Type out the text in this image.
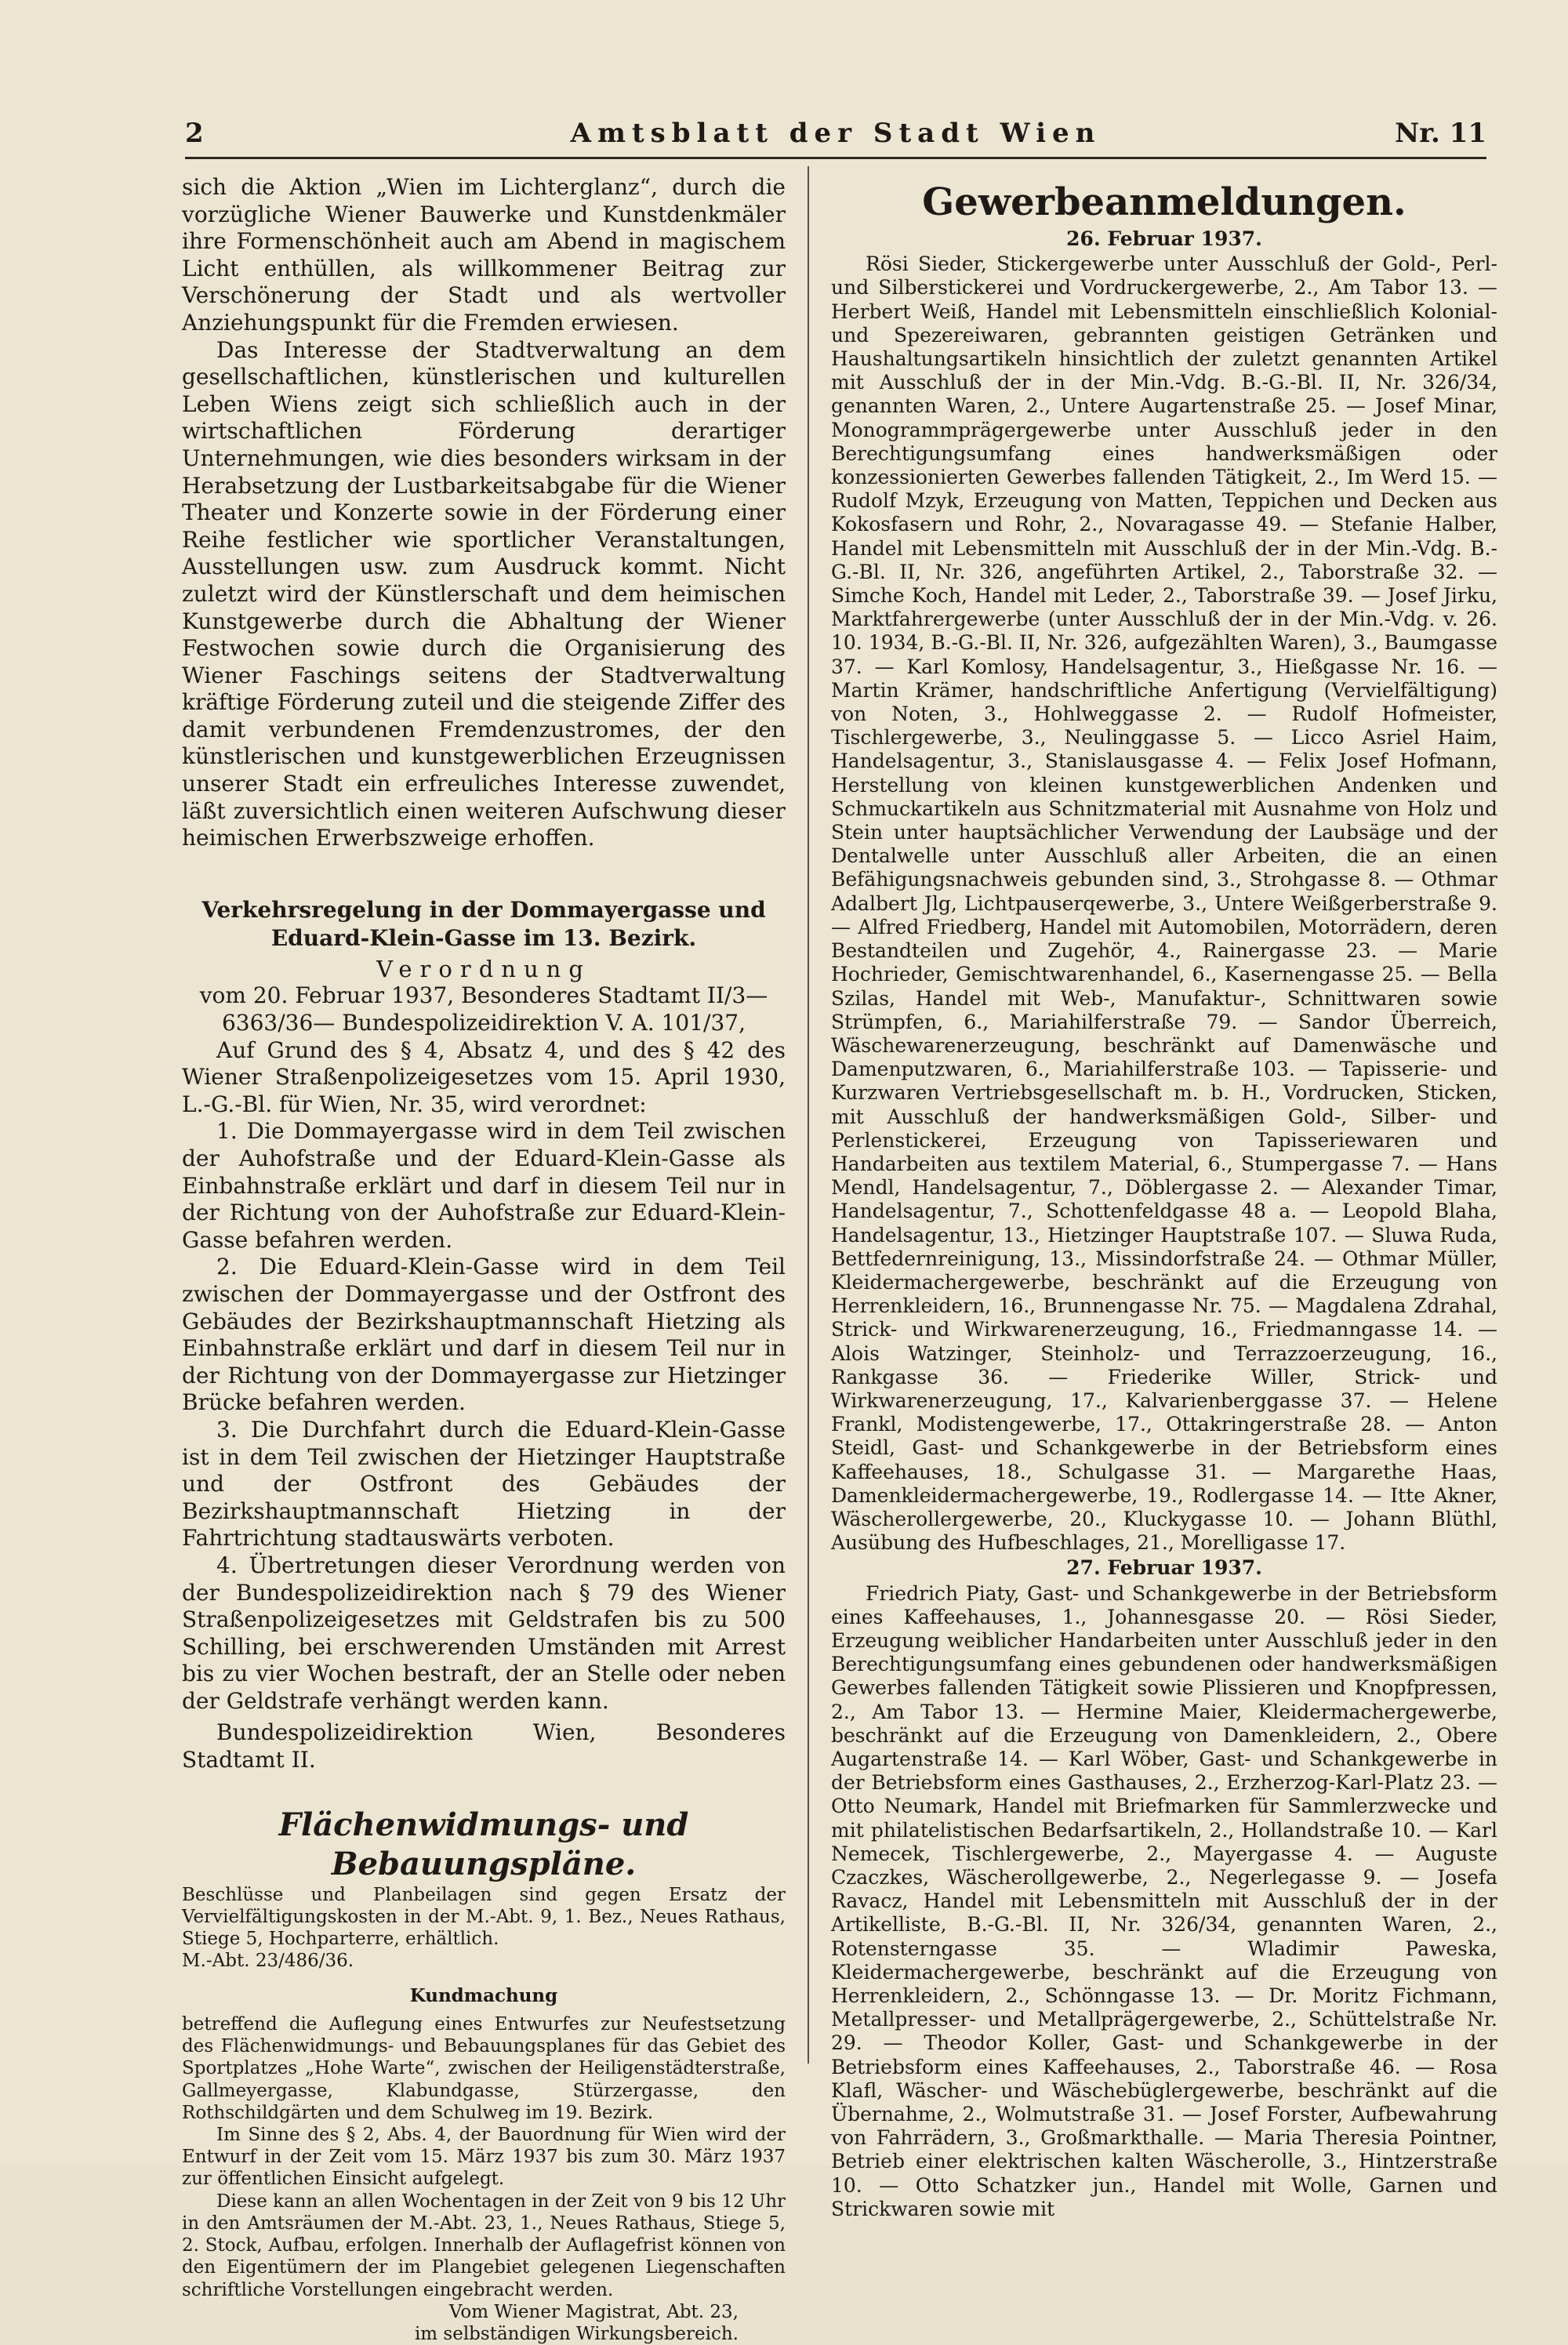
2	Amtsblatt der Stadt Wien	Nr. 11

sich die Aktion „Wien im Lichterglanz“, durch die vorzügliche Wiener Bauwerke und Kunstdenkmäler ihre Formenschönheit auch am Abend in magischem Licht enthüllen, als willkommener Beitrag zur Verschönerung der Stadt und als wertvoller Anziehungspunkt für die Fremden erwiesen.

Das Interesse der Stadtverwaltung an dem gesellschaftlichen, künstlerischen und kulturellen Leben Wiens zeigt sich schließlich auch in der wirtschaftlichen Förderung derartiger Unternehmungen, wie dies besonders wirksam in der Herabsetzung der Lustbarkeitsabgabe für die Wiener Theater und Konzerte sowie in der Förderung einer Reihe festlicher wie sportlicher Veranstaltungen, Ausstellungen usw. zum Ausdruck kommt. Nicht zuletzt wird der Künstlerschaft und dem heimischen Kunstgewerbe durch die Abhaltung der Wiener Festwochen sowie durch die Organisierung des Wiener Faschings seitens der Stadtverwaltung kräftige Förderung zuteil und die steigende Ziffer des damit verbundenen Fremdenzustromes, der den künstlerischen und kunstgewerblichen Erzeugnissen unserer Stadt ein erfreuliches Interesse zuwendet, läßt zuversichtlich einen weiteren Aufschwung dieser heimischen Erwerbszweige erhoffen.

Verkehrsregelung in der Dommayergasse und Eduard-Klein-Gasse im 13. Bezirk.

Verordnung

vom 20. Februar 1937, Besonderes Stadtamt II/3—6363/36— Bundespolizeidirektion V. A. 101/37,

Auf Grund des § 4, Absatz 4, und des § 42 des Wiener Straßenpolizeigesetzes vom 15. April 1930, L.-G.-Bl. für Wien, Nr. 35, wird verordnet:

1. Die Dommayergasse wird in dem Teil zwischen der Auhofstraße und der Eduard-Klein-Gasse als Einbahnstraße erklärt und darf in diesem Teil nur in der Richtung von der Auhofstraße zur Eduard-Klein-Gasse befahren werden.

2. Die Eduard-Klein-Gasse wird in dem Teil zwischen der Dommayergasse und der Ostfront des Gebäudes der Bezirkshauptmannschaft Hietzing als Einbahnstraße erklärt und darf in diesem Teil nur in der Richtung von der Dommayergasse zur Hietzinger Brücke befahren werden.

3. Die Durchfahrt durch die Eduard-Klein-Gasse ist in dem Teil zwischen der Hietzinger Hauptstraße und der Ostfront des Gebäudes der Bezirkshauptmannschaft Hietzing in der Fahrtrichtung stadtauswärts verboten.

4. Übertretungen dieser Verordnung werden von der Bundespolizeidirektion nach § 79 des Wiener Straßenpolizeigesetzes mit Geldstrafen bis zu 500 Schilling, bei erschwerenden Umständen mit Arrest bis zu vier Wochen bestraft, der an Stelle oder neben der Geldstrafe verhängt werden kann.

Bundespolizeidirektion Wien, Besonderes Stadtamt II.

Flächenwidmungs- und Bebauungspläne.

Beschlüsse und Planbeilagen sind gegen Ersatz der Vervielfältigungskosten in der M.-Abt. 9, 1. Bez., Neues Rathaus, Stiege 5, Hochparterre, erhältlich.

M.-Abt. 23/486/36.

Kundmachung

betreffend die Auflegung eines Entwurfes zur Neufestsetzung des Flächenwidmungs- und Bebauungsplanes für das Gebiet des Sportplatzes „Hohe Warte“, zwischen der Heiligenstädterstraße, Gallmeyergasse, Klabundgasse, Stürzergasse, den Rothschildgärten und dem Schulweg im 19. Bezirk.

Im Sinne des § 2, Abs. 4, der Bauordnung für Wien wird der Entwurf in der Zeit vom 15. März 1937 bis zum 30. März 1937 zur öffentlichen Einsicht aufgelegt.

Diese kann an allen Wochentagen in der Zeit von 9 bis 12 Uhr in den Amtsräumen der M.-Abt. 23, 1., Neues Rathaus, Stiege 5, 2. Stock, Aufbau, erfolgen. Innerhalb der Auflagefrist können von den Eigentümern der im Plangebiet gelegenen Liegenschaften schriftliche Vorstellungen eingebracht werden.

Vom Wiener Magistrat, Abt. 23,

im selbständigen Wirkungsbereich.

Gewerbeanmeldungen.

26. Februar 1937.

Rösi Sieder, Stickergewerbe unter Ausschluß der Gold-, Perl- und Silberstickerei und Vordruckergewerbe, 2., Am Tabor 13. — Herbert Weiß, Handel mit Lebensmitteln einschließlich Kolonial- und Spezereiwaren, gebrannten geistigen Getränken und Haushaltungsartikeln hinsichtlich der zuletzt genannten Artikel mit Ausschluß der in der Min.-Vdg. B.-G.-Bl. II, Nr. 326/34, genannten Waren, 2., Untere Augartenstraße 25. — Josef Minar, Monogrammprägergewerbe unter Ausschluß jeder in den Berechtigungsumfang eines handwerksmäßigen oder konzessionierten Gewerbes fallenden Tätigkeit, 2., Im Werd 15. — Rudolf Mzyk, Erzeugung von Matten, Teppichen und Decken aus Kokosfasern und Rohr, 2., Novaragasse 49. — Stefanie Halber, Handel mit Lebensmitteln mit Ausschluß der in der Min.-Vdg. B.-G.-Bl. II, Nr. 326, angeführten Artikel, 2., Taborstraße 32. — Simche Koch, Handel mit Leder, 2., Taborstraße 39. — Josef Jirku, Marktfahrergewerbe (unter Ausschluß der in der Min.-Vdg. v. 26. 10. 1934, B.-G.-Bl. II, Nr. 326, aufgezählten Waren), 3., Baumgasse 37. — Karl Komlosy, Handelsagentur, 3., Hießgasse Nr. 16. — Martin Krämer, handschriftliche Anfertigung (Vervielfältigung) von Noten, 3., Hohlweggasse 2. — Rudolf Hofmeister, Tischlergewerbe, 3., Neulinggasse 5. — Licco Asriel Haim, Handelsagentur, 3., Stanislausgasse 4. — Felix Josef Hofmann, Herstellung von kleinen kunstgewerblichen Andenken und Schmuckartikeln aus Schnitzmaterial mit Ausnahme von Holz und Stein unter hauptsächlicher Verwendung der Laubsäge und der Dentalwelle unter Ausschluß aller Arbeiten, die an einen Befähigungsnachweis gebunden sind, 3., Strohgasse 8. — Othmar Adalbert Jlg, Lichtpauserqewerbe, 3., Untere Weißgerberstraße 9. — Alfred Friedberg, Handel mit Automobilen, Motorrädern, deren Bestandteilen und Zugehör, 4., Rainergasse 23. — Marie Hochrieder, Gemischtwarenhandel, 6., Kasernengasse 25. — Bella Szilas, Handel mit Web-, Manufaktur-, Schnittwaren sowie Strümpfen, 6., Mariahilferstraße 79. — Sandor Überreich, Wäschewarenerzeugung, beschränkt auf Damenwäsche und Damenputzwaren, 6., Mariahilferstraße 103. — Tapisserie- und Kurzwaren Vertriebsgesellschaft m. b. H., Vordrucken, Sticken, mit Ausschluß der handwerksmäßigen Gold-, Silber- und Perlenstickerei, Erzeugung von Tapisseriewaren und Handarbeiten aus textilem Material, 6., Stumpergasse 7. — Hans Mendl, Handelsagentur, 7., Döblergasse 2. — Alexander Timar, Handelsagentur, 7., Schottenfeldgasse 48 a. — Leopold Blaha, Handelsagentur, 13., Hietzinger Hauptstraße 107. — Sluwa Ruda, Bettfedernreinigung, 13., Missindorfstraße 24. — Othmar Müller, Kleidermachergewerbe, beschränkt auf die Erzeugung von Herrenkleidern, 16., Brunnengasse Nr. 75. — Magdalena Zdrahal, Strick- und Wirkwarenerzeugung, 16., Friedmanngasse 14. — Alois Watzinger, Steinholz- und Terrazzoerzeugung, 16., Rankgasse 36. — Friederike Willer, Strick- und Wirkwarenerzeugung, 17., Kalvarienberggasse 37. — Helene Frankl, Modistengewerbe, 17., Ottakringerstraße 28. — Anton Steidl, Gast- und Schankgewerbe in der Betriebsform eines Kaffeehauses, 18., Schulgasse 31. — Margarethe Haas, Damenkleidermachergewerbe, 19., Rodlergasse 14. — Itte Akner, Wäscherollergewerbe, 20., Kluckygasse 10. — Johann Blüthl, Ausübung des Hufbeschlages, 21., Morelligasse 17.

27. Februar 1937.

Friedrich Piaty, Gast- und Schankgewerbe in der Betriebsform eines Kaffeehauses, 1., Johannesgasse 20. — Rösi Sieder, Erzeugung weiblicher Handarbeiten unter Ausschluß jeder in den Berechtigungsumfang eines gebundenen oder handwerksmäßigen Gewerbes fallenden Tätigkeit sowie Plissieren und Knopfpressen, 2., Am Tabor 13. — Hermine Maier, Kleidermachergewerbe, beschränkt auf die Erzeugung von Damenkleidern, 2., Obere Augartenstraße 14. — Karl Wöber, Gast- und Schankgewerbe in der Betriebsform eines Gasthauses, 2., Erzherzog-Karl-Platz 23. — Otto Neumark, Handel mit Briefmarken für Sammlerzwecke und mit philatelistischen Bedarfsartikeln, 2., Hollandstraße 10. — Karl Nemecek, Tischlergewerbe, 2., Mayergasse 4. — Auguste Czaczkes, Wäscherollgewerbe, 2., Negerlegasse 9. — Josefa Ravacz, Handel mit Lebensmitteln mit Ausschluß der in der Artikelliste, B.-G.-Bl. II, Nr. 326/34, genannten Waren, 2., Rotensterngasse 35. — Wladimir Paweska, Kleidermachergewerbe, beschränkt auf die Erzeugung von Herrenkleidern, 2., Schönngasse 13. — Dr. Moritz Fichmann, Metallpresser- und Metallprägergewerbe, 2., Schüttelstraße Nr. 29. — Theodor Koller, Gast- und Schankgewerbe in der Betriebsform eines Kaffeehauses, 2., Taborstraße 46. — Rosa Klafl, Wäscher- und Wäschebüglergewerbe, beschränkt auf die Übernahme, 2., Wolmutstraße 31. — Josef Forster, Aufbewahrung von Fahrrädern, 3., Großmarkthalle. — Maria Theresia Pointner, Betrieb einer elektrischen kalten Wäscherolle, 3., Hintzerstraße 10. — Otto Schatzker jun., Handel mit Wolle, Garnen und Strickwaren sowie mit
